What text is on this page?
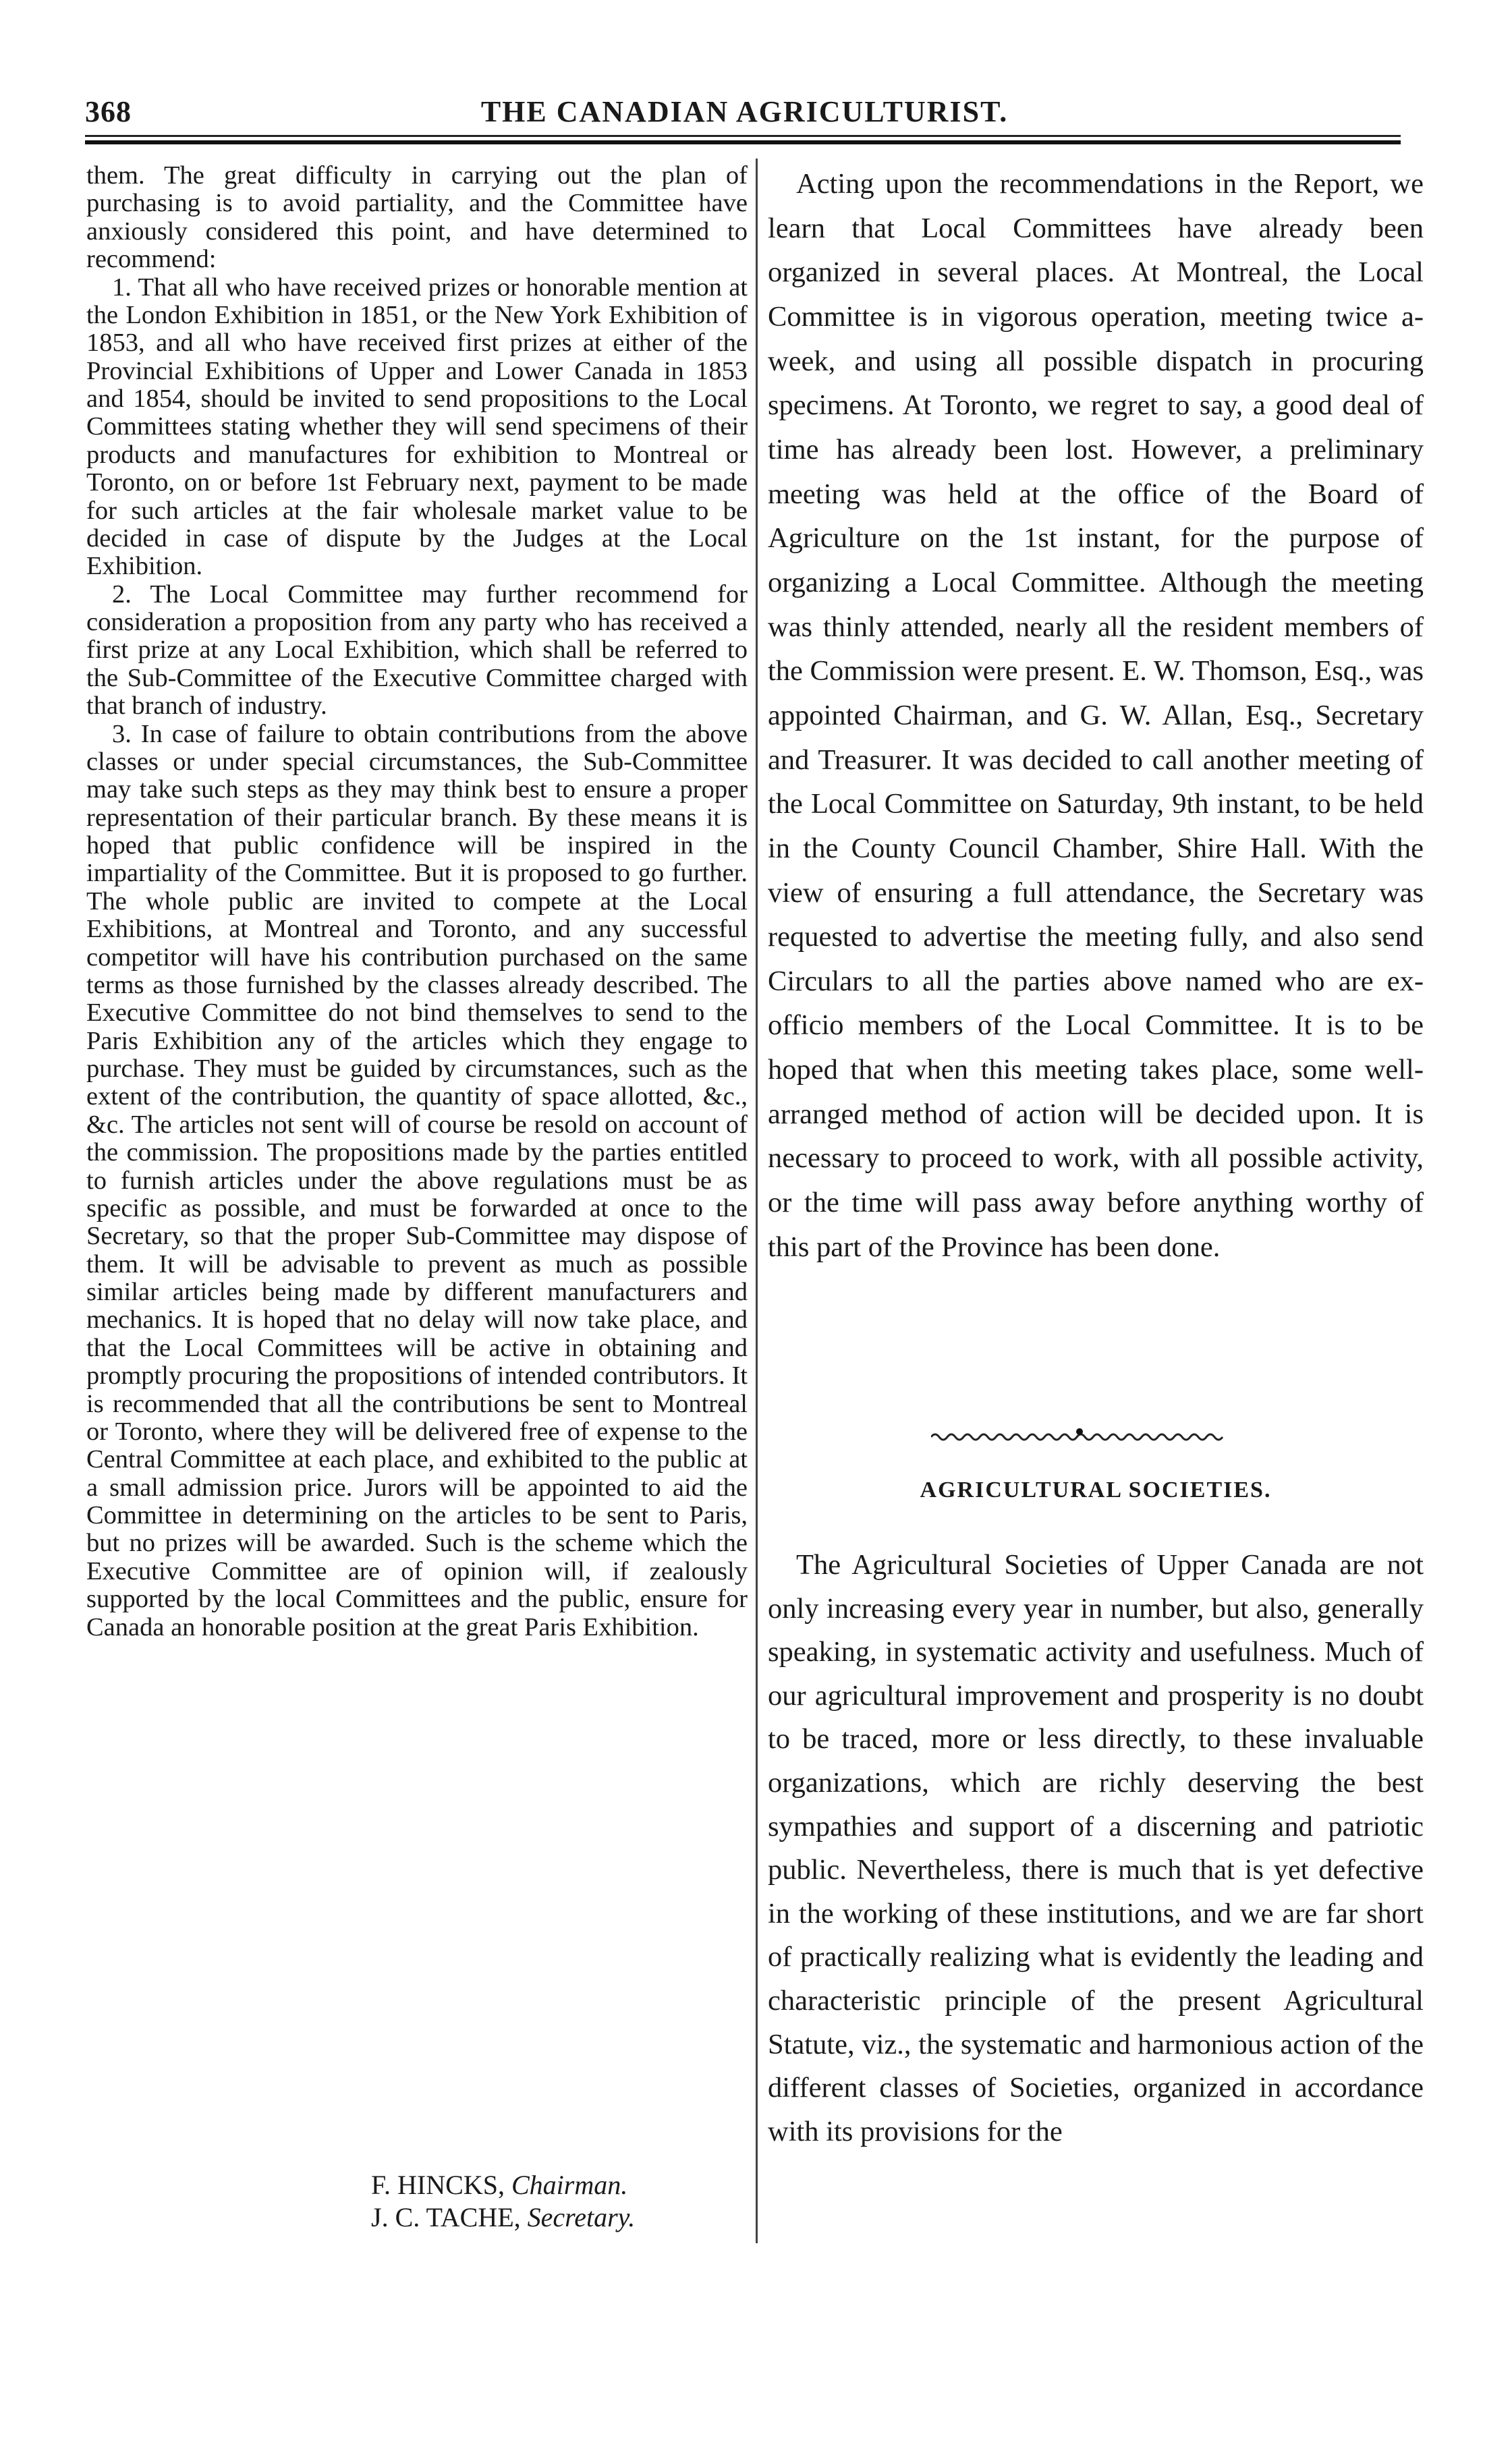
368	THE CANADIAN AGRICULTURIST.

them. The great difficulty in carrying out the plan of purchasing is to avoid partiality, and the Committee have anxiously considered this point, and have determined to recommend:

1. That all who have received prizes or honorable mention at the London Exhibition in 1851, or the New York Exhibition of 1853, and all who have received first prizes at either of the Provincial Exhibitions of Upper and Lower Canada in 1853 and 1854, should be invited to send propositions to the Local Committees stating whether they will send specimens of their products and manufactures for exhibition to Montreal or Toronto, on or before 1st February next, payment to be made for such articles at the fair wholesale market value to be decided in case of dispute by the Judges at the Local Exhibition.

2. The Local Committee may further recommend for consideration a proposition from any party who has received a first prize at any Local Exhibition, which shall be referred to the Sub-Committee of the Executive Committee charged with that branch of industry.

3. In case of failure to obtain contributions from the above classes or under special circumstances, the Sub-Committee may take such steps as they may think best to ensure a proper representation of their particular branch. By these means it is hoped that public confidence will be inspired in the impartiality of the Committee. But it is proposed to go further. The whole public are invited to compete at the Local Exhibitions, at Montreal and Toronto, and any successful competitor will have his contribution purchased on the same terms as those furnished by the classes already described. The Executive Committee do not bind themselves to send to the Paris Exhibition any of the articles which they engage to purchase. They must be guided by circumstances, such as the extent of the contribution, the quantity of space allotted, &c., &c. The articles not sent will of course be resold on account of the commission. The propositions made by the parties entitled to furnish articles under the above regulations must be as specific as possible, and must be forwarded at once to the Secretary, so that the proper Sub-Committee may dispose of them. It will be advisable to prevent as much as possible similar articles being made by different manufacturers and mechanics. It is hoped that no delay will now take place, and that the Local Committees will be active in obtaining and promptly procuring the propositions of intended contributors. It is recommended that all the contributions be sent to Montreal or Toronto, where they will be delivered free of expense to the Central Committee at each place, and exhibited to the public at a small admission price. Jurors will be appointed to aid the Committee in determining on the articles to be sent to Paris, but no prizes will be awarded. Such is the scheme which the Executive Committee are of opinion will, if zealously supported by the local Committees and the public, ensure for Canada an honorable position at the great Paris Exhibition.

F. HINCKS, Chairman.

J. C. TACHE, Secretary.

Acting upon the recommendations in the Report, we learn that Local Committees have already been organized in several places. At Montreal, the Local Committee is in vigorous operation, meeting twice a-week, and using all possible dispatch in procuring specimens. At Toronto, we regret to say, a good deal of time has already been lost. However, a preliminary meeting was held at the office of the Board of Agriculture on the 1st instant, for the purpose of organizing a Local Committee. Although the meeting was thinly attended, nearly all the resident members of the Commission were present. E. W. Thomson, Esq., was appointed Chairman, and G. W. Allan, Esq., Secretary and Treasurer. It was decided to call another meeting of the Local Committee on Saturday, 9th instant, to be held in the County Council Chamber, Shire Hall. With the view of ensuring a full attendance, the Secretary was requested to advertise the meeting fully, and also send Circulars to all the parties above named who are ex-officio members of the Local Committee. It is to be hoped that when this meeting takes place, some well-arranged method of action will be decided upon. It is necessary to proceed to work, with all possible activity, or the time will pass away before anything worthy of this part of the Province has been done.

AGRICULTURAL SOCIETIES.

The Agricultural Societies of Upper Canada are not only increasing every year in number, but also, generally speaking, in systematic activity and usefulness. Much of our agricultural improvement and prosperity is no doubt to be traced, more or less directly, to these invaluable organizations, which are richly deserving the best sympathies and support of a discerning and patriotic public. Nevertheless, there is much that is yet defective in the working of these institutions, and we are far short of practically realizing what is evidently the leading and characteristic principle of the present Agricultural Statute, viz., the systematic and harmonious action of the different classes of Societies, organized in accordance with its provisions for the
